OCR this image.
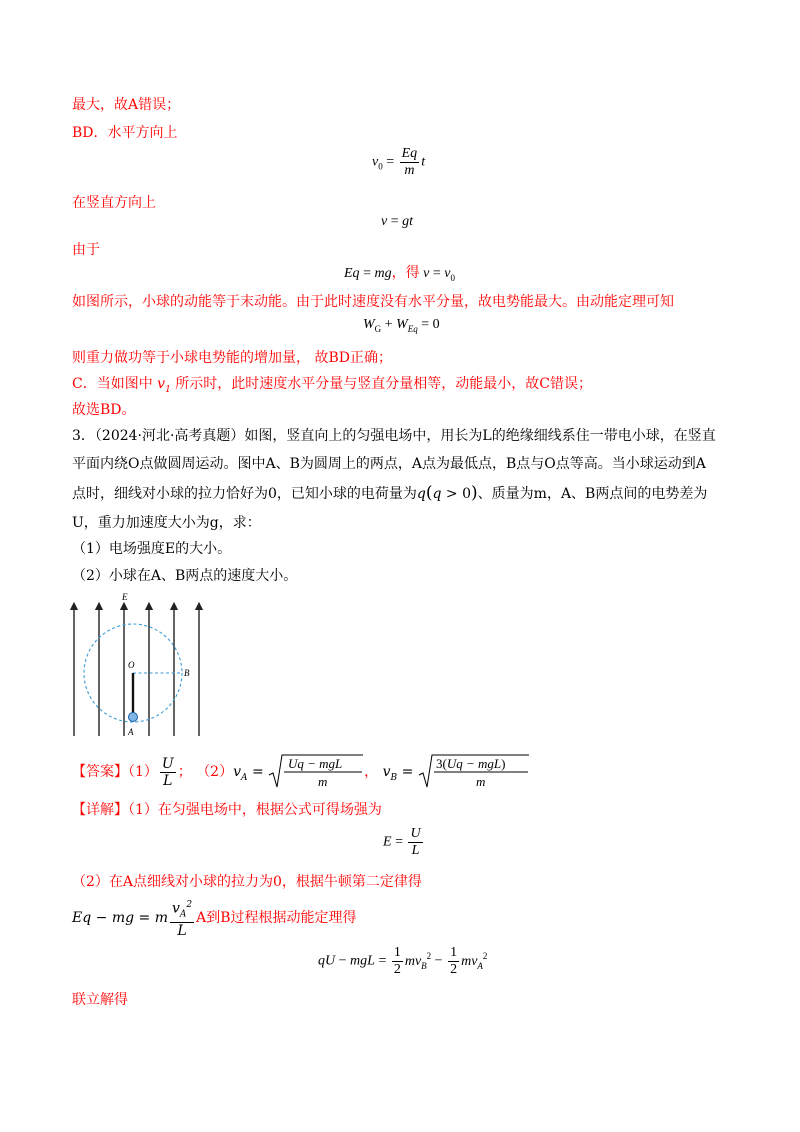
最大，故A错误；
BD．水平方向上
$v_0 = \frac{Eq}{m}$ t
在竖直方向上
v = gt
由于
Eq = mg，得 $v = v_0$
如图所示，小球的动能等于末动能。由于此时速度没有水平分量，故电势能最大。由动能定理可知
$W_G + W_{Eq} = 0$
则重力做功等于小球电势能的增加量， 故BD正确；
C．当如图中 $v_1$ 所示时，此时速度水平分量与竖直分量相等，动能最小，故C错误；
故选BD。
3．（2024·河北·高考真题）如图，竖直向上的匀强电场中，用长为L的绝缘细线系住一带电小球，在竖直
平面内绕O点做圆周运动。图中A、B为圆周上的两点，A点为最低点，B点与O点等高。当小球运动到A
点时，细线对小球的拉力恰好为0，已知小球的电荷量为q(q > 0)、质量为m，A、B两点间的电势差为
U，重力加速度大小为g，求：
（1）电场强度E的大小。
（2）小球在A、B两点的速度大小。
E
O
B
A
【答案】$(1) \frac{U}{L}$ ； $(2)v_A$ =
Uq − mgL
m
， $v_B$ =
3(Uq − mgL)
m
【详解】（1）在匀强电场中，根据公式可得场强为
$E = \frac{U}{L}$
（2）在A点细线对小球的拉力为0，根据牛顿第二定律得
Eq − mg = m $\frac{v_A^2}{L}$ A到B过程根据动能定理得
qU − mgL = $\frac{1}{2} mv_B^2 - \frac{1}{2} mv_A^2$
联立解得
